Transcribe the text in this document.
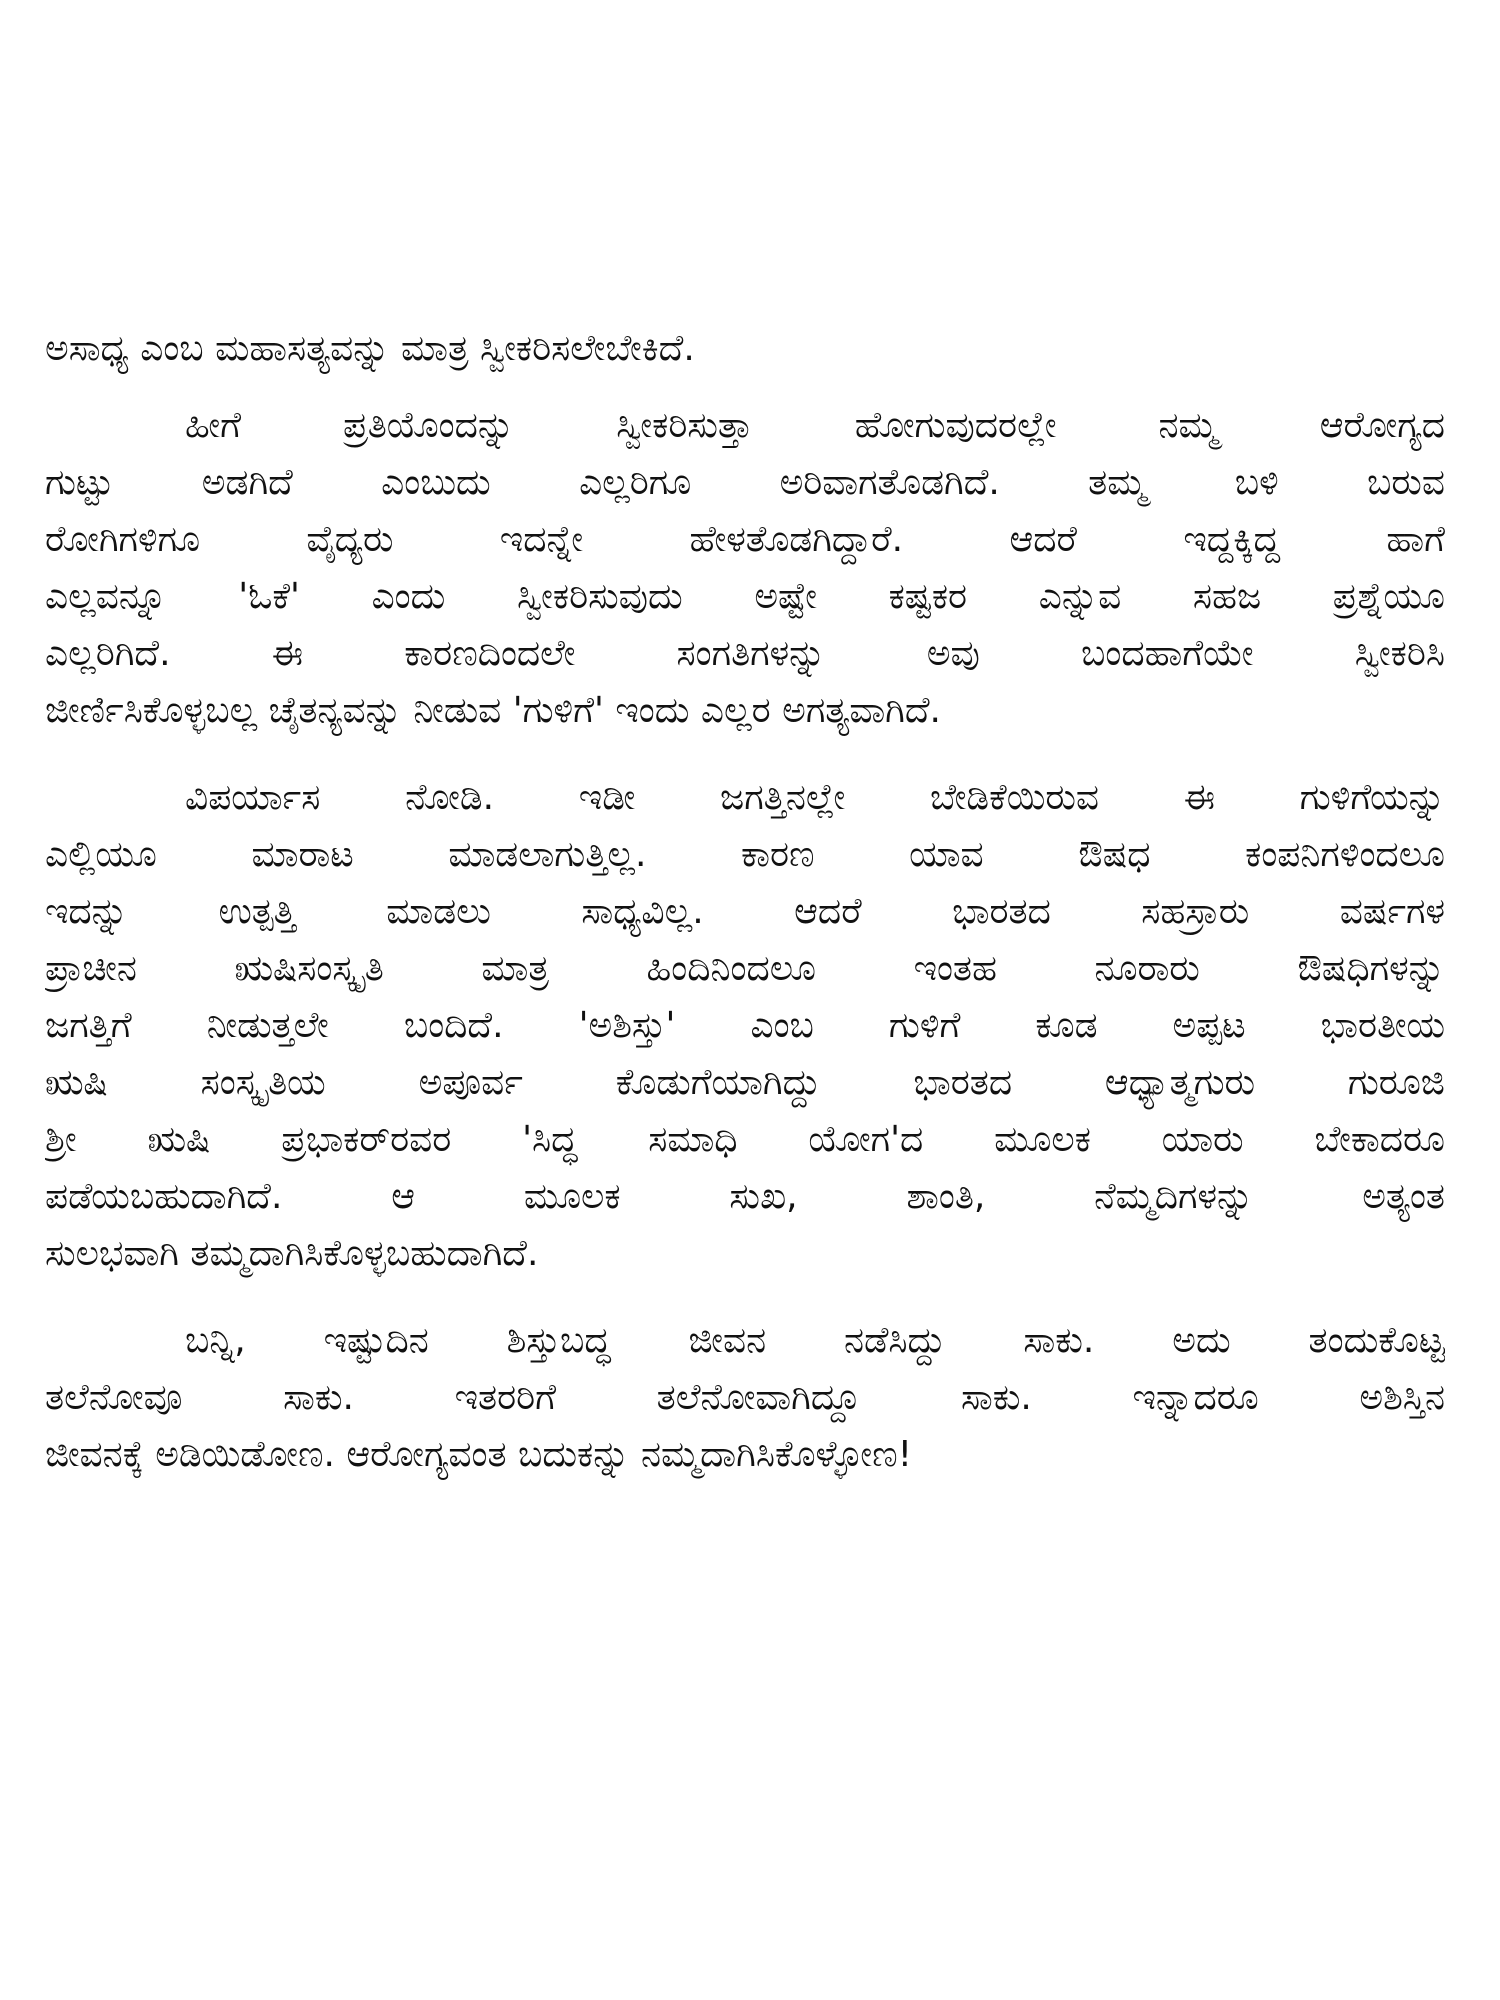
ಅಸಾಧ್ಯ ಎಂಬ ಮಹಾಸತ್ಯವನ್ನು ಮಾತ್ರ ಸ್ವೀಕರಿಸಲೇಬೇಕಿದೆ.

ಹೀಗೆ ಪ್ರತಿಯೊಂದನ್ನು ಸ್ವೀಕರಿಸುತ್ತಾ ಹೋಗುವುದರಲ್ಲೇ ನಮ್ಮ ಆರೋಗ್ಯದ
ಗುಟ್ಟು ಅಡಗಿದೆ ಎಂಬುದು ಎಲ್ಲರಿಗೂ ಅರಿವಾಗತೊಡಗಿದೆ. ತಮ್ಮ ಬಳಿ ಬರುವ
ರೋಗಿಗಳಿಗೂ ವೈದ್ಯರು ಇದನ್ನೇ ಹೇಳತೊಡಗಿದ್ದಾರೆ. ಆದರೆ ಇದ್ದಕ್ಕಿದ್ದ ಹಾಗೆ
ಎಲ್ಲವನ್ನೂ 'ಓಕೆ' ಎಂದು ಸ್ವೀಕರಿಸುವುದು ಅಷ್ಟೇ ಕಷ್ಟಕರ ಎನ್ನುವ ಸಹಜ ಪ್ರಶ್ನೆಯೂ
ಎಲ್ಲರಿಗಿದೆ. ಈ ಕಾರಣದಿಂದಲೇ ಸಂಗತಿಗಳನ್ನು ಅವು ಬಂದಹಾಗೆಯೇ ಸ್ವೀಕರಿಸಿ
ಜೀರ್ಣಿಸಿಕೊಳ್ಳಬಲ್ಲ ಚೈತನ್ಯವನ್ನು ನೀಡುವ 'ಗುಳಿಗೆ' ಇಂದು ಎಲ್ಲರ ಅಗತ್ಯವಾಗಿದೆ.

ವಿಪರ್ಯಾಸ ನೋಡಿ. ಇಡೀ ಜಗತ್ತಿನಲ್ಲೇ ಬೇಡಿಕೆಯಿರುವ ಈ ಗುಳಿಗೆಯನ್ನು
ಎಲ್ಲಿಯೂ ಮಾರಾಟ ಮಾಡಲಾಗುತ್ತಿಲ್ಲ. ಕಾರಣ ಯಾವ ಔಷಧ ಕಂಪನಿಗಳಿಂದಲೂ
ಇದನ್ನು ಉತ್ಪತ್ತಿ ಮಾಡಲು ಸಾಧ್ಯವಿಲ್ಲ. ಆದರೆ ಭಾರತದ ಸಹಸ್ರಾರು ವರ್ಷಗಳ
ಪ್ರಾಚೀನ ಋಷಿಸಂಸ್ಕೃತಿ ಮಾತ್ರ ಹಿಂದಿನಿಂದಲೂ ಇಂತಹ ನೂರಾರು ಔಷಧಿಗಳನ್ನು
ಜಗತ್ತಿಗೆ ನೀಡುತ್ತಲೇ ಬಂದಿದೆ. 'ಅಶಿಸ್ತು' ಎಂಬ ಗುಳಿಗೆ ಕೂಡ ಅಪ್ಪಟ ಭಾರತೀಯ
ಋಷಿ ಸಂಸ್ಕೃತಿಯ ಅಪೂರ್ವ ಕೊಡುಗೆಯಾಗಿದ್ದು ಭಾರತದ ಆಧ್ಯಾತ್ಮಗುರು ಗುರೂಜಿ
ಶ್ರೀ ಋಷಿ ಪ್ರಭಾಕರ್‌ರವರ 'ಸಿದ್ಧ ಸಮಾಧಿ ಯೋಗ'ದ ಮೂಲಕ ಯಾರು ಬೇಕಾದರೂ
ಪಡೆಯಬಹುದಾಗಿದೆ. ಆ ಮೂಲಕ ಸುಖ, ಶಾಂತಿ, ನೆಮ್ಮದಿಗಳನ್ನು ಅತ್ಯಂತ
ಸುಲಭವಾಗಿ ತಮ್ಮದಾಗಿಸಿಕೊಳ್ಳಬಹುದಾಗಿದೆ.

ಬನ್ನಿ, ಇಷ್ಟುದಿನ ಶಿಸ್ತುಬದ್ಧ ಜೀವನ ನಡೆಸಿದ್ದು ಸಾಕು. ಅದು ತಂದುಕೊಟ್ಟ
ತಲೆನೋವೂ ಸಾಕು. ಇತರರಿಗೆ ತಲೆನೋವಾಗಿದ್ದೂ ಸಾಕು. ಇನ್ನಾದರೂ ಅಶಿಸ್ತಿನ
ಜೀವನಕ್ಕೆ ಅಡಿಯಿಡೋಣ. ಆರೋಗ್ಯವಂತ ಬದುಕನ್ನು ನಮ್ಮದಾಗಿಸಿಕೊಳ್ಳೋಣ!
